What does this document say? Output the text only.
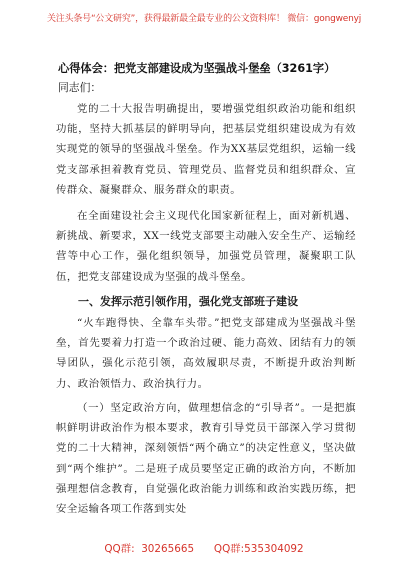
关注头条号“公文研究”，获得最新最全最专业的公文资料库！ 微信：gongwenyj
心得体会：把党支部建设成为坚强战斗堡垒（3261字）
同志们：
党的二十大报告明确提出，要增强党组织政治功能和组织功能，坚持大抓基层的鲜明导向，把基层党组织建设成为有效实现党的领导的坚强战斗堡垒。作为XX基层党组织，运输一线党支部承担着教育党员、管理党员、监督党员和组织群众、宣传群众、凝聚群众、服务群众的职责。
在全面建设社会主义现代化国家新征程上，面对新机遇、新挑战、新要求，XX一线党支部要主动融入安全生产、运输经营等中心工作，强化组织领导，加强党员管理，凝聚职工队伍，把党支部建设成为坚强的战斗堡垒。
一、发挥示范引领作用，强化党支部班子建设
“火车跑得快、全靠车头带。”把党支部建成为坚强战斗堡垒，首先要着力打造一个政治过硬、能力高效、团结有力的领导团队，强化示范引领，高效履职尽责，不断提升政治判断力、政治领悟力、政治执行力。
（一）坚定政治方向，做理想信念的“引导者”。一是把旗帜鲜明讲政治作为根本要求，教育引导党员干部深入学习贯彻党的二十大精神，深刻领悟“两个确立”的决定性意义，坚决做到“两个维护”。二是班子成员要坚定正确的政治方向，不断加强理想信念教育，自觉强化政治能力训练和政治实践历练，把安全运输各项工作落到实处
QQ群:  30265665      QQ群:535304092
